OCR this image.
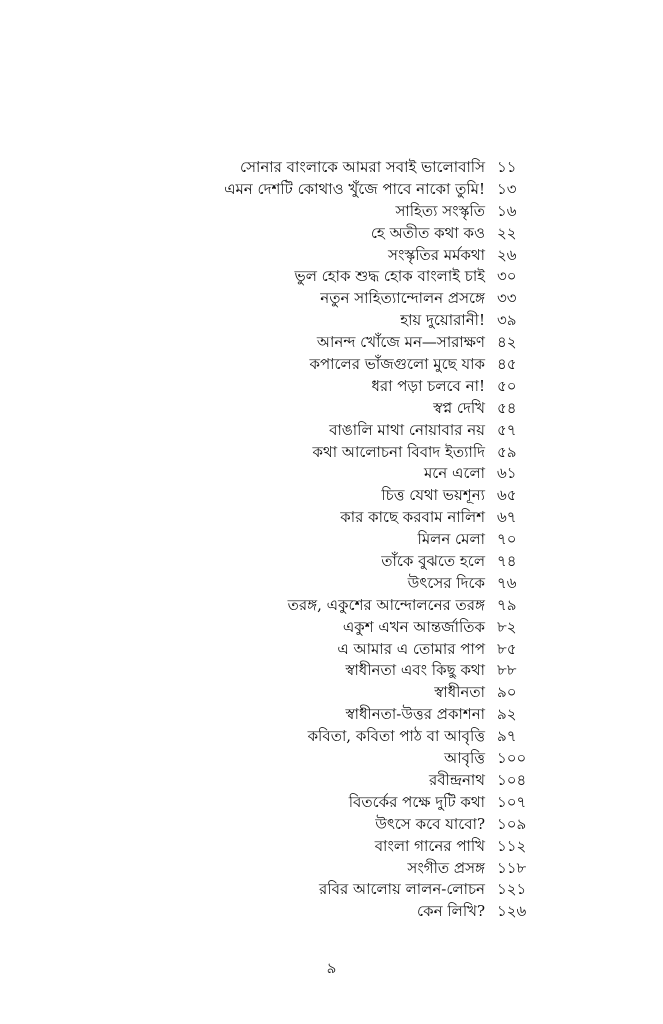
সোনার বাংলাকে আমরা সবাই ভালোবাসি ১১
এমন দেশটি কোথাও খুঁজে পাবে নাকো তুমি! ১৩
সাহিত্য সংস্কৃতি ১৬
হে অতীত কথা কও ২২
সংস্কৃতির মর্মকথা ২৬
ভুল হোক শুদ্ধ হোক বাংলাই চাই ৩০
নতুন সাহিত্যান্দোলন প্রসঙ্গে ৩৩
হায় দুয়োরানী! ৩৯
আনন্দ খোঁজে মন—সারাক্ষণ ৪২
কপালের ভাঁজগুলো মুছে যাক ৪৫
ধরা পড়া চলবে না! ৫০
স্বপ্ন দেখি ৫৪
বাঙালি মাথা নোয়াবার নয় ৫৭
কথা আলোচনা বিবাদ ইত্যাদি ৫৯
মনে এলো ৬১
চিত্ত যেথা ভয়শূন্য ৬৫
কার কাছে করবাম নালিশ ৬৭
মিলন মেলা ৭০
তাঁকে বুঝতে হলে ৭৪
উৎসের দিকে ৭৬
তরঙ্গ, একুশের আন্দোলনের তরঙ্গ ৭৯
একুশ এখন আন্তর্জাতিক ৮২
এ আমার এ তোমার পাপ ৮৫
স্বাধীনতা এবং কিছু কথা ৮৮
স্বাধীনতা ৯০
স্বাধীনতা-উত্তর প্রকাশনা ৯২
কবিতা, কবিতা পাঠ বা আবৃত্তি ৯৭
আবৃত্তি ১০০
রবীন্দ্রনাথ ১০৪
বিতর্কের পক্ষে দুটি কথা ১০৭
উৎসে কবে যাবো? ১০৯
বাংলা গানের পাখি ১১২
সংগীত প্রসঙ্গ ১১৮
রবির আলোয় লালন-লোচন ১২১
কেন লিখি? ১২৬
৯
